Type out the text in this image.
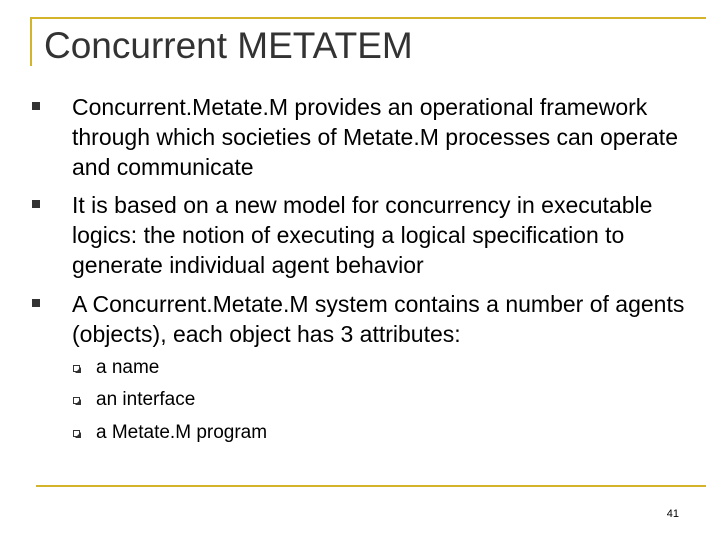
Concurrent METATEM
Concurrent.Metate.M provides an operational framework through which societies of Metate.M processes can operate and communicate
It is based on a new model for concurrency in executable logics: the notion of executing a logical specification to generate individual agent behavior
A Concurrent.Metate.M system contains a number of agents (objects), each object has 3 attributes:
a name
an interface
a Metate.M program
41
